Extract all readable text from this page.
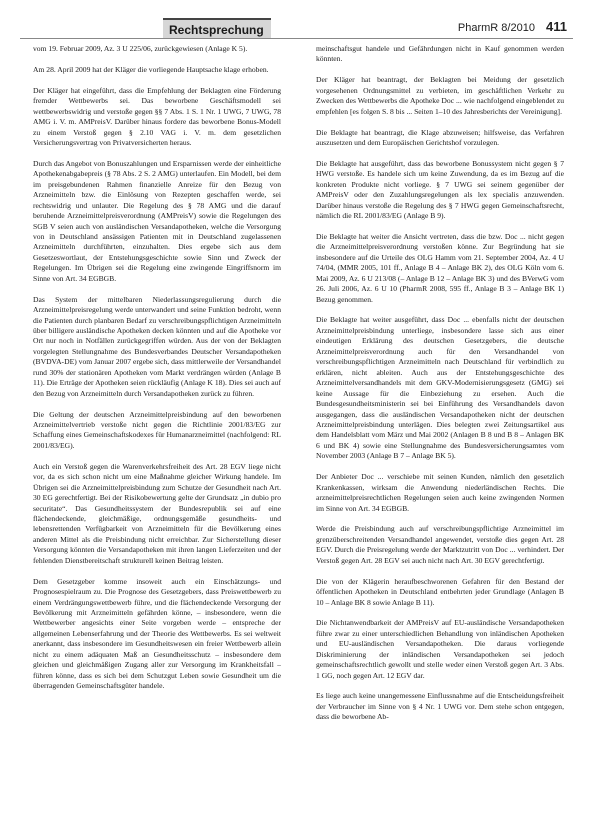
Rechtsprechung	PharmR 8/2010 411

vom 19. Februar 2009, Az. 3 U 225/06, zurückgewiesen (Anlage K 5).

Am 28. April 2009 hat der Kläger die vorliegende Hauptsache klage erhoben.

Der Kläger hat eingeführt, dass die Empfehlung der Beklagten eine Förderung fremder Wettbewerbs sei. Das beworbene Geschäftsmodell sei wettbewerbswidrig und verstoße gegen §§ 7 Abs. 1 S. 1 Nr. 1 UWG, 7 UWG, 78 AMG i. V. m. AMPreisV. Darüber hinaus fordere das beworbene Bonus-Modell zu einem Verstoß gegen § 2.10 VAG i. V. m. dem gesetzlichen Versicherungsvertrag von Privatversicherten heraus.

Durch das Angebot von Bonuszahlungen und Ersparnissen werde der einheitliche Apothekenabgabepreis (§ 78 Abs. 2 S. 2 AMG) unterlaufen. Ein Modell, bei dem im preisgebundenen Rahmen finanzielle Anreize für den Bezug von Arzneimitteln bzw. die Einlösung von Rezepten geschaffen werde, sei rechtswidrig und unlauter. Die Regelung des § 78 AMG und die darauf beruhende Arzneimittelpreisverordnung (AMPreisV) sowie die Regelungen des SGB V seien auch von ausländischen Versandapotheken, welche die Versorgung von in Deutschland ansässigen Patienten mit in Deutschland zugelassenen Arzneimitteln durchführten, einzuhalten. Dies ergebe sich aus dem Gesetzeswortlaut, der Entstehungsgeschichte sowie Sinn und Zweck der Regelungen. Im Übrigen sei die Regelung eine zwingende Eingriffsnorm im Sinne von Art. 34 EGBGB.

Das System der mittelbaren Niederlassungsregulierung durch die Arzneimittelpreisregelung werde unterwandert und seine Funktion bedroht, wenn die Patienten durch planbaren Bedarf zu verschreibungspflichtigen Arzneimitteln über billigere ausländische Apotheken decken könnten und auf die Apotheke vor Ort nur noch in Notfällen zurückgegriffen würden. Aus der von der Beklagten vorgelegten Stellungnahme des Bundesverbandes Deutscher Versandapotheken (BVDVA-DE) vom Januar 2007 ergebe sich, dass mittlerweile der Versandhandel rund 30% der stationären Apotheken vom Markt verdrängen würden (Anlage B 11). Die Erträge der Apotheken seien rückläufig (Anlage K 18). Dies sei auch auf den Bezug von Arzneimitteln durch Versandapotheken zurück zu führen.

Die Geltung der deutschen Arzneimittelpreisbindung auf den beworbenen Arzneimittelvertrieb verstoße nicht gegen die Richtlinie 2001/83/EG zur Schaffung eines Gemeinschaftskodexes für Humanarzneimittel (nachfolgend: RL 2001/83/EG).

Auch ein Verstoß gegen die Warenverkehrsfreiheit des Art. 28 EGV liege nicht vor, da es sich schon nicht um eine Maßnahme gleicher Wirkung handele. Im Übrigen sei die Arzneimittelpreisbindung zum Schutze der Gesundheit nach Art. 30 EG gerechtfertigt. Bei der Risikobewertung gelte der Grundsatz „in dubio pro securitate“. Das Gesundheitssystem der Bundesrepublik sei auf eine flächendeckende, gleichmäßige, ordnungsgemäße gesundheits- und lebensrettenden Verfügbarkeit von Arzneimitteln für die Bevölkerung eines anderen Mittel als die Preisbindung nicht erreichbar. Zur Sicherstellung dieser Versorgung könnten die Versandapotheken mit ihren langen Lieferzeiten und der fehlenden Dienstbereitschaft strukturell keinen Beitrag leisten.

Dem Gesetzgeber komme insoweit auch ein Einschätzungs- und Prognosespielraum zu. Die Prognose des Gesetzgebers, dass Preiswettbewerb zu einem Verdrängungswettbewerb führe, und die flächendeckende Versorgung der Bevölkerung mit Arzneimitteln gefährden könne, – insbesondere, wenn die Wettbewerber angesichts einer Seite vorgeben werde – entspreche der allgemeinen Lebenserfahrung und der Theorie des Wettbewerbs. Es sei weltweit anerkannt, dass insbesondere im Gesundheitswesen ein freier Wettbewerb allein nicht zu einem adäquaten Maß an Gesundheitsschutz – insbesondere dem gleichen und gleichmäßigen Zugang aller zur Versorgung im Krankheitsfall – führen könne, dass es sich bei dem Schutzgut Leben sowie Gesundheit um die überragenden Gemeinschaftsgüter handele.

meinschaftsgut handele und Gefährdungen nicht in Kauf genommen werden könnten.

Der Kläger hat beantragt, der Beklagten bei Meidung der gesetzlich vorgesehenen Ordnungsmittel zu verbieten, im geschäftlichen Verkehr zu Zwecken des Wettbewerbs die Apotheke Doc ... wie nachfolgend eingeblendet zu empfehlen [es folgen S. 8 bis ... Seiten 1–10 des Jahresberichts der Vereinigung].

Die Beklagte hat beantragt, die Klage abzuweisen; hilfsweise, das Verfahren auszusetzen und dem Europäischen Gerichtshof vorzulegen.

Die Beklagte hat ausgeführt, dass das beworbene Bonussystem nicht gegen § 7 HWG verstoße. Es handele sich um keine Zuwendung, da es im Bezug auf die konkreten Produkte nicht vorliege. § 7 UWG sei seinem gegenüber der AMPreisV oder den Zuzahlungsregelungen als lex specialis anzuwenden. Darüber hinaus verstoße die Regelung des § 7 HWG gegen Gemeinschaftsrecht, nämlich die RL 2001/83/EG (Anlage B 9).

Die Beklagte hat weiter die Ansicht vertreten, dass die bzw. Doc ... nicht gegen die Arzneimittelpreisverordnung verstoßen könne. Zur Begründung hat sie insbesondere auf die Urteile des OLG Hamm vom 21. September 2004, Az. 4 U 74/04, (MMR 2005, 101 ff., Anlage B 4 – Anlage BK 2), des OLG Köln vom 6. Mai 2009, Az. 6 U 213/08 (– Anlage B 12 – Anlage BK 3) und des BVerwG vom 26. Juli 2006, Az. 6 U 10 (PharmR 2008, 595 ff., Anlage B 3 – Anlage BK 1) Bezug genommen.

Die Beklagte hat weiter ausgeführt, dass Doc ... ebenfalls nicht der deutschen Arzneimittelpreisbindung unterliege, insbesondere lasse sich aus einer eindeutigen Erklärung des deutschen Gesetzgebers, die deutsche Arzneimittelpreisverordnung auch für den Versandhandel von verschreibungspflichtigen Arzneimitteln nach Deutschland für verbindlich zu erklären, nicht ableiten. Auch aus der Entstehungsgeschichte des Arzneimittelversandhandels mit dem GKV-Modernisierungsgesetz (GMG) sei keine Aussage für die Einbeziehung zu ersehen. Auch die Bundesgesundheitsministerin sei bei Einführung des Versandhandels davon ausgegangen, dass die ausländischen Versandapotheken nicht der deutschen Arzneimittelpreisbindung unterlägen. Dies belegten zwei Zeitungsartikel aus dem Handelsblatt vom März und Mai 2002 (Anlagen B 8 und B 8 – Anlagen BK 6 und BK 4) sowie eine Stellungnahme des Bundesversicherungsamtes vom November 2003 (Anlage B 7 – Anlage BK 5).

Der Anbieter Doc ... verschiebe mit seinen Kunden, nämlich den gesetzlich Krankenkassen, wirksam die Anwendung niederländischen Rechts. Die arzneimittelpreisrechtlichen Regelungen seien auch keine zwingenden Normen im Sinne von Art. 34 EGBGB.

Werde die Preisbindung auch auf verschreibungspflichtige Arzneimittel im grenzüberschreitenden Versandhandel angewendet, verstoße dies gegen Art. 28 EGV. Durch die Preisregelung werde der Marktzutritt von Doc ... verhindert. Der Verstoß gegen Art. 28 EGV sei auch nicht nach Art. 30 EGV gerechtfertigt.

Die von der Klägerin heraufbeschworenen Gefahren für den Bestand der öffentlichen Apotheken in Deutschland entbehrten jeder Grundlage (Anlagen B 10 – Anlage BK 8 sowie Anlage B 11).

Die Nichtanwendbarkeit der AMPreisV auf EU-ausländische Versandapotheken führe zwar zu einer unterschiedlichen Behandlung von inländischen Apotheken und EU-ausländischen Versandapotheken. Die daraus vorliegende Diskriminierung der inländischen Versandapotheken sei jedoch gemeinschaftsrechtlich gewollt und stelle weder einen Verstoß gegen Art. 3 Abs. 1 GG, noch gegen Art. 12 EGV dar.

Es liege auch keine unangemessene Einflussnahme auf die Entscheidungsfreiheit der Verbraucher im Sinne von § 4 Nr. 1 UWG vor. Dem stehe schon entgegen, dass die beworbene Ab-
